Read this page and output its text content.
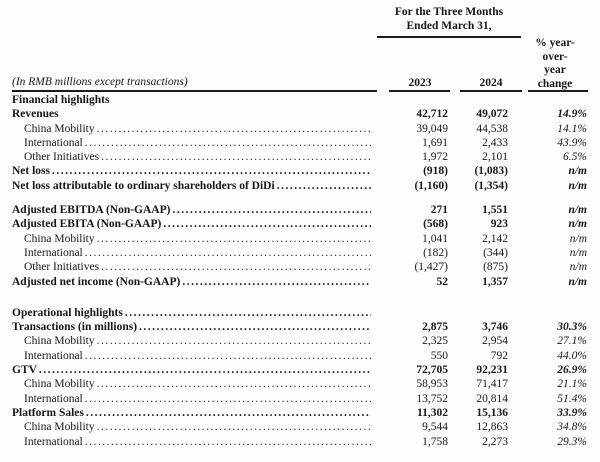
For the Three Months
Ended March 31,
% year-
over-
year
change
(In RMB millions except transactions)	2023	2024
Financial highlights
Revenues	42,712	49,072	14.9%
China Mobility .....	39,049	44,538	14.1%
International .....	1,691	2,433	43.9%
Other Initiatives .....	1,972	2,101	6.5%
Net loss .....	(918)	(1,083)	n/m
Net loss attributable to ordinary shareholders of DiDi .....	(1,160)	(1,354)	n/m
Adjusted EBITDA (Non-GAAP) .....	271	1,551	n/m
Adjusted EBITA (Non-GAAP) .....	(568)	923	n/m
China Mobility .....	1,041	2,142	n/m
International .....	(182)	(344)	n/m
Other Initiatives .....	(1,427)	(875)	n/m
Adjusted net income (Non-GAAP) .....	52	1,357	n/m
Operational highlights
.....
Transactions (in millions) .....	2,875	3,746	30.3%
China Mobility .....	2,325	2,954	27.1%
International .....	550	792	44.0%
GTV .....	72,705	92,231	26.9%
China Mobility .....	58,953	71,417	21.1%
International .....	13,752	20,814	51.4%
Platform Sales .....	11,302	15,136	33.9%
China Mobility .....	9,544	12,863	34.8%
International .....	1,758	2,273	29.3%
